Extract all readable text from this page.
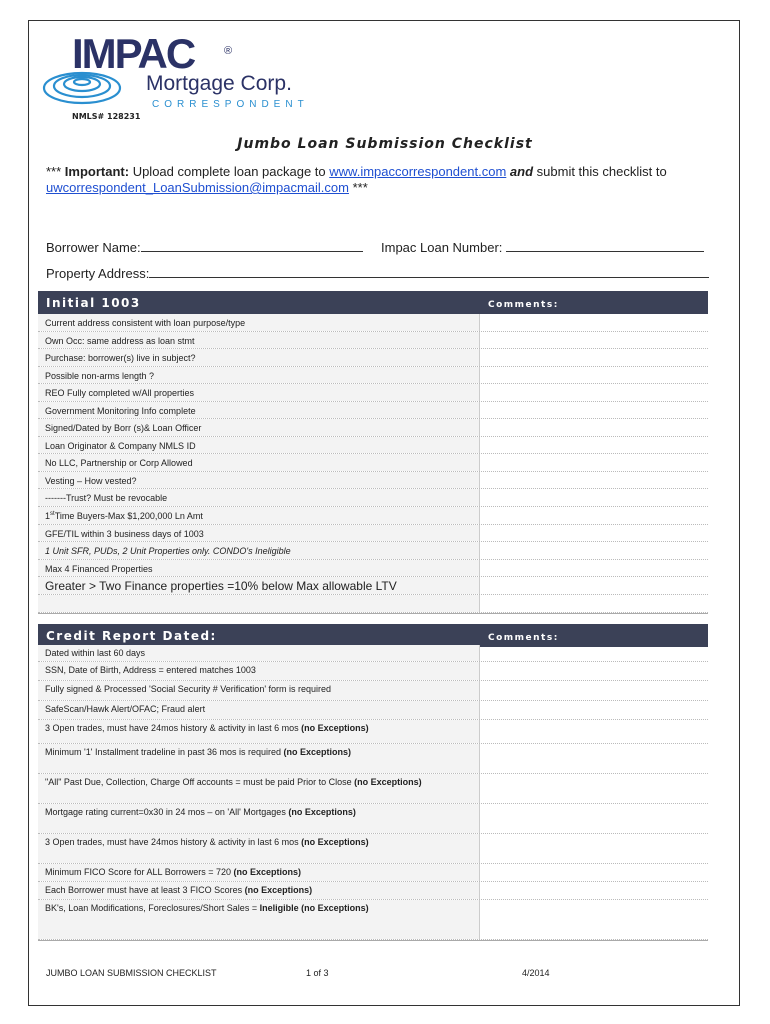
IMPAC	®
Mortgage Corp.
CORRESPONDENT
NMLS# 128231
Jumbo Loan Submission Checklist
*** Important: Upload complete loan package to www.impaccorrespondent.com and submit this checklist to uwcorrespondent_LoanSubmission@impacmail.com ***
Borrower Name:	Impac Loan Number:
Property Address:
Initial 1003	Comments:
Current address consistent with loan purpose/type
Own Occ: same address as loan stmt
Purchase: borrower(s) live in subject?
Possible non-arms length ?
REO Fully completed w/All properties
Government Monitoring Info complete
Signed/Dated by Borr (s)& Loan Officer
Loan Originator & Company NMLS ID
No LLC, Partnership or Corp Allowed
Vesting – How vested?
-------Trust? Must be revocable
1stTime Buyers-Max $1,200,000 Ln Amt
GFE/TIL within 3 business days of 1003
1 Unit SFR, PUDs, 2 Unit Properties only. CONDO's Ineligible
Max 4 Financed Properties
Greater > Two Finance properties =10% below Max allowable LTV
Credit Report Dated:	Comments:
Dated within last 60 days
SSN, Date of Birth, Address = entered matches 1003
Fully signed & Processed 'Social Security # Verification' form is required
SafeScan/Hawk Alert/OFAC; Fraud alert
3 Open trades, must have 24mos history & activity in last 6 mos (no Exceptions)
Minimum '1' Installment tradeline in past 36 mos is required (no Exceptions)
"All" Past Due, Collection, Charge Off accounts = must be paid Prior to Close (no Exceptions)
Mortgage rating current=0x30 in 24 mos – on 'All' Mortgages (no Exceptions)
3 Open trades, must have 24mos history & activity in last 6 mos (no Exceptions)
Minimum FICO Score for ALL Borrowers = 720 (no Exceptions)
Each Borrower must have at least 3 FICO Scores (no Exceptions)
BK's, Loan Modifications, Foreclosures/Short Sales = Ineligible (no Exceptions)
JUMBO LOAN SUBMISSION CHECKLIST	1 of 3	4/2014
